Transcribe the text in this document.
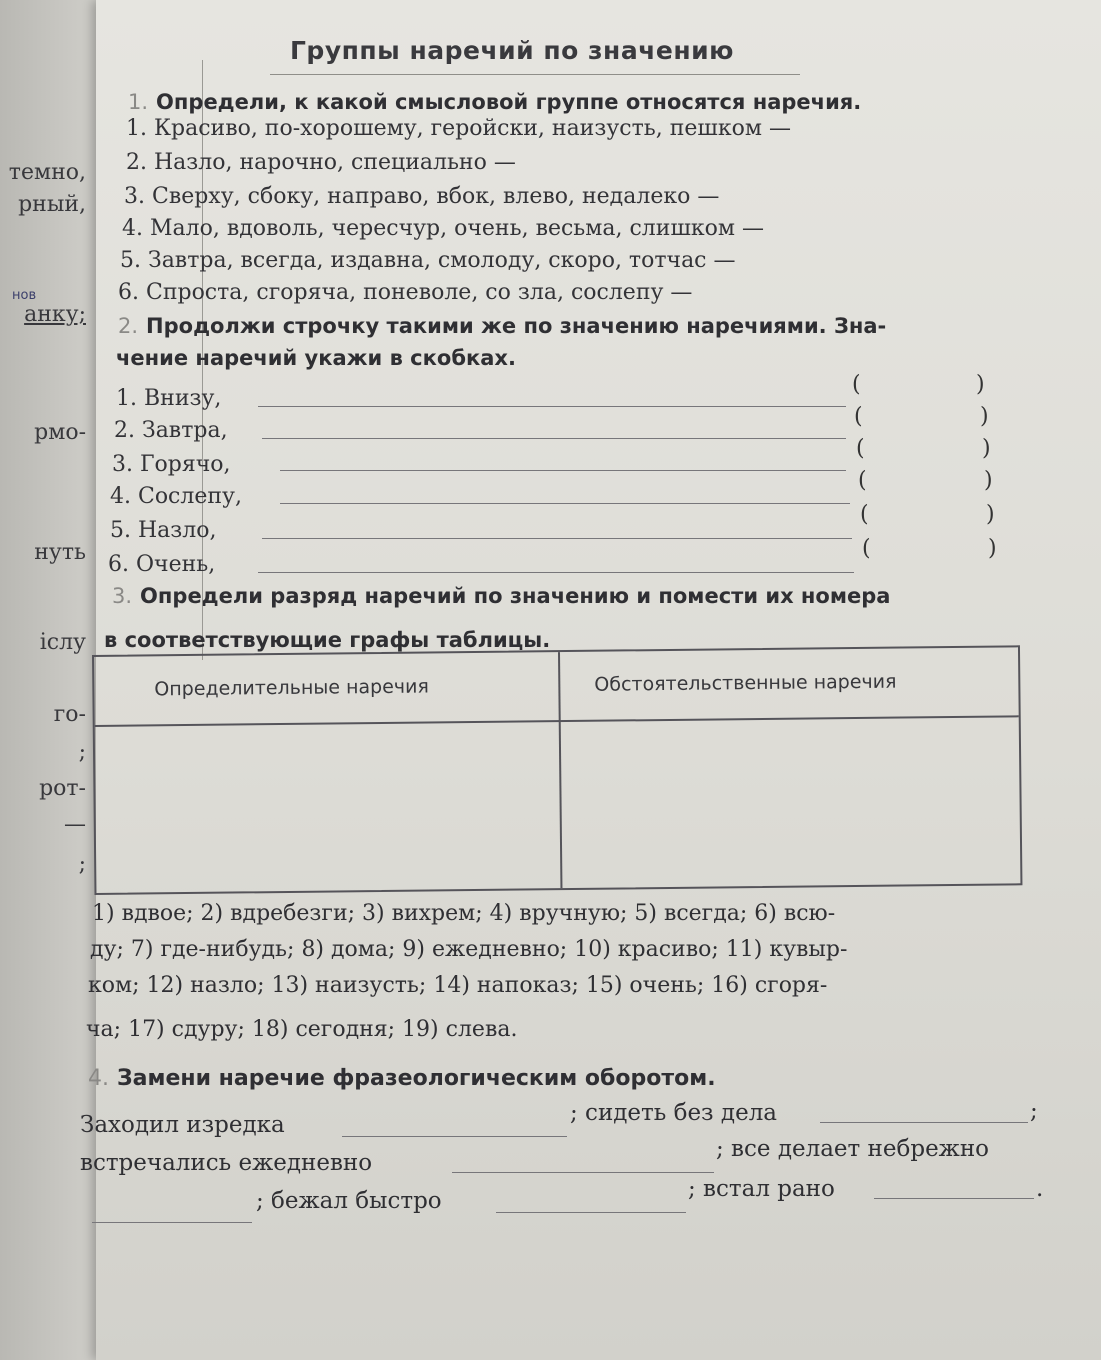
темно,
рный,
нов
анку;
рмо-
нуть
іслу
го-
;
рот-
—
;
Группы наречий по значению
1. Определи, к какой смысловой группе относятся наречия.
1. Красиво, по-хорошему, геройски, наизусть, пешком —
2. Назло, нарочно, специально —
3. Сверху, сбоку, направо, вбок, влево, недалеко —
4. Мало, вдоволь, чересчур, очень, весьма, слишком —
5. Завтра, всегда, издавна, смолоду, скоро, тотчас —
6. Спроста, сгоряча, поневоле, со зла, сослепу —
2. Продолжи строчку такими же по значению наречиями. Зна-
чение наречий укажи в скобках.
1. Внизу,
(	)
2. Завтра,
(	)
3. Горячо,
(	)
4. Сослепу,
(	)
5. Назло,
(	)
6. Очень,
(	)
3. Определи разряд наречий по значению и помести их номера
в соответствующие графы таблицы.
Определительные наречия	Обстоятельственные наречия
1) вдвое; 2) вдребезги; 3) вихрем; 4) вручную; 5) всегда; 6) всю-
ду; 7) где-нибудь; 8) дома; 9) ежедневно; 10) красиво; 11) кувыр-
ком; 12) назло; 13) наизусть; 14) напоказ; 15) очень; 16) сгоря-
ча; 17) сдуру; 18) сегодня; 19) слева.
4. Замени наречие фразеологическим оборотом.
Заходил изредка	; сидеть без дела	;
встречались ежедневно
; все делает небрежно
; бежал быстро	; встал рано	.
